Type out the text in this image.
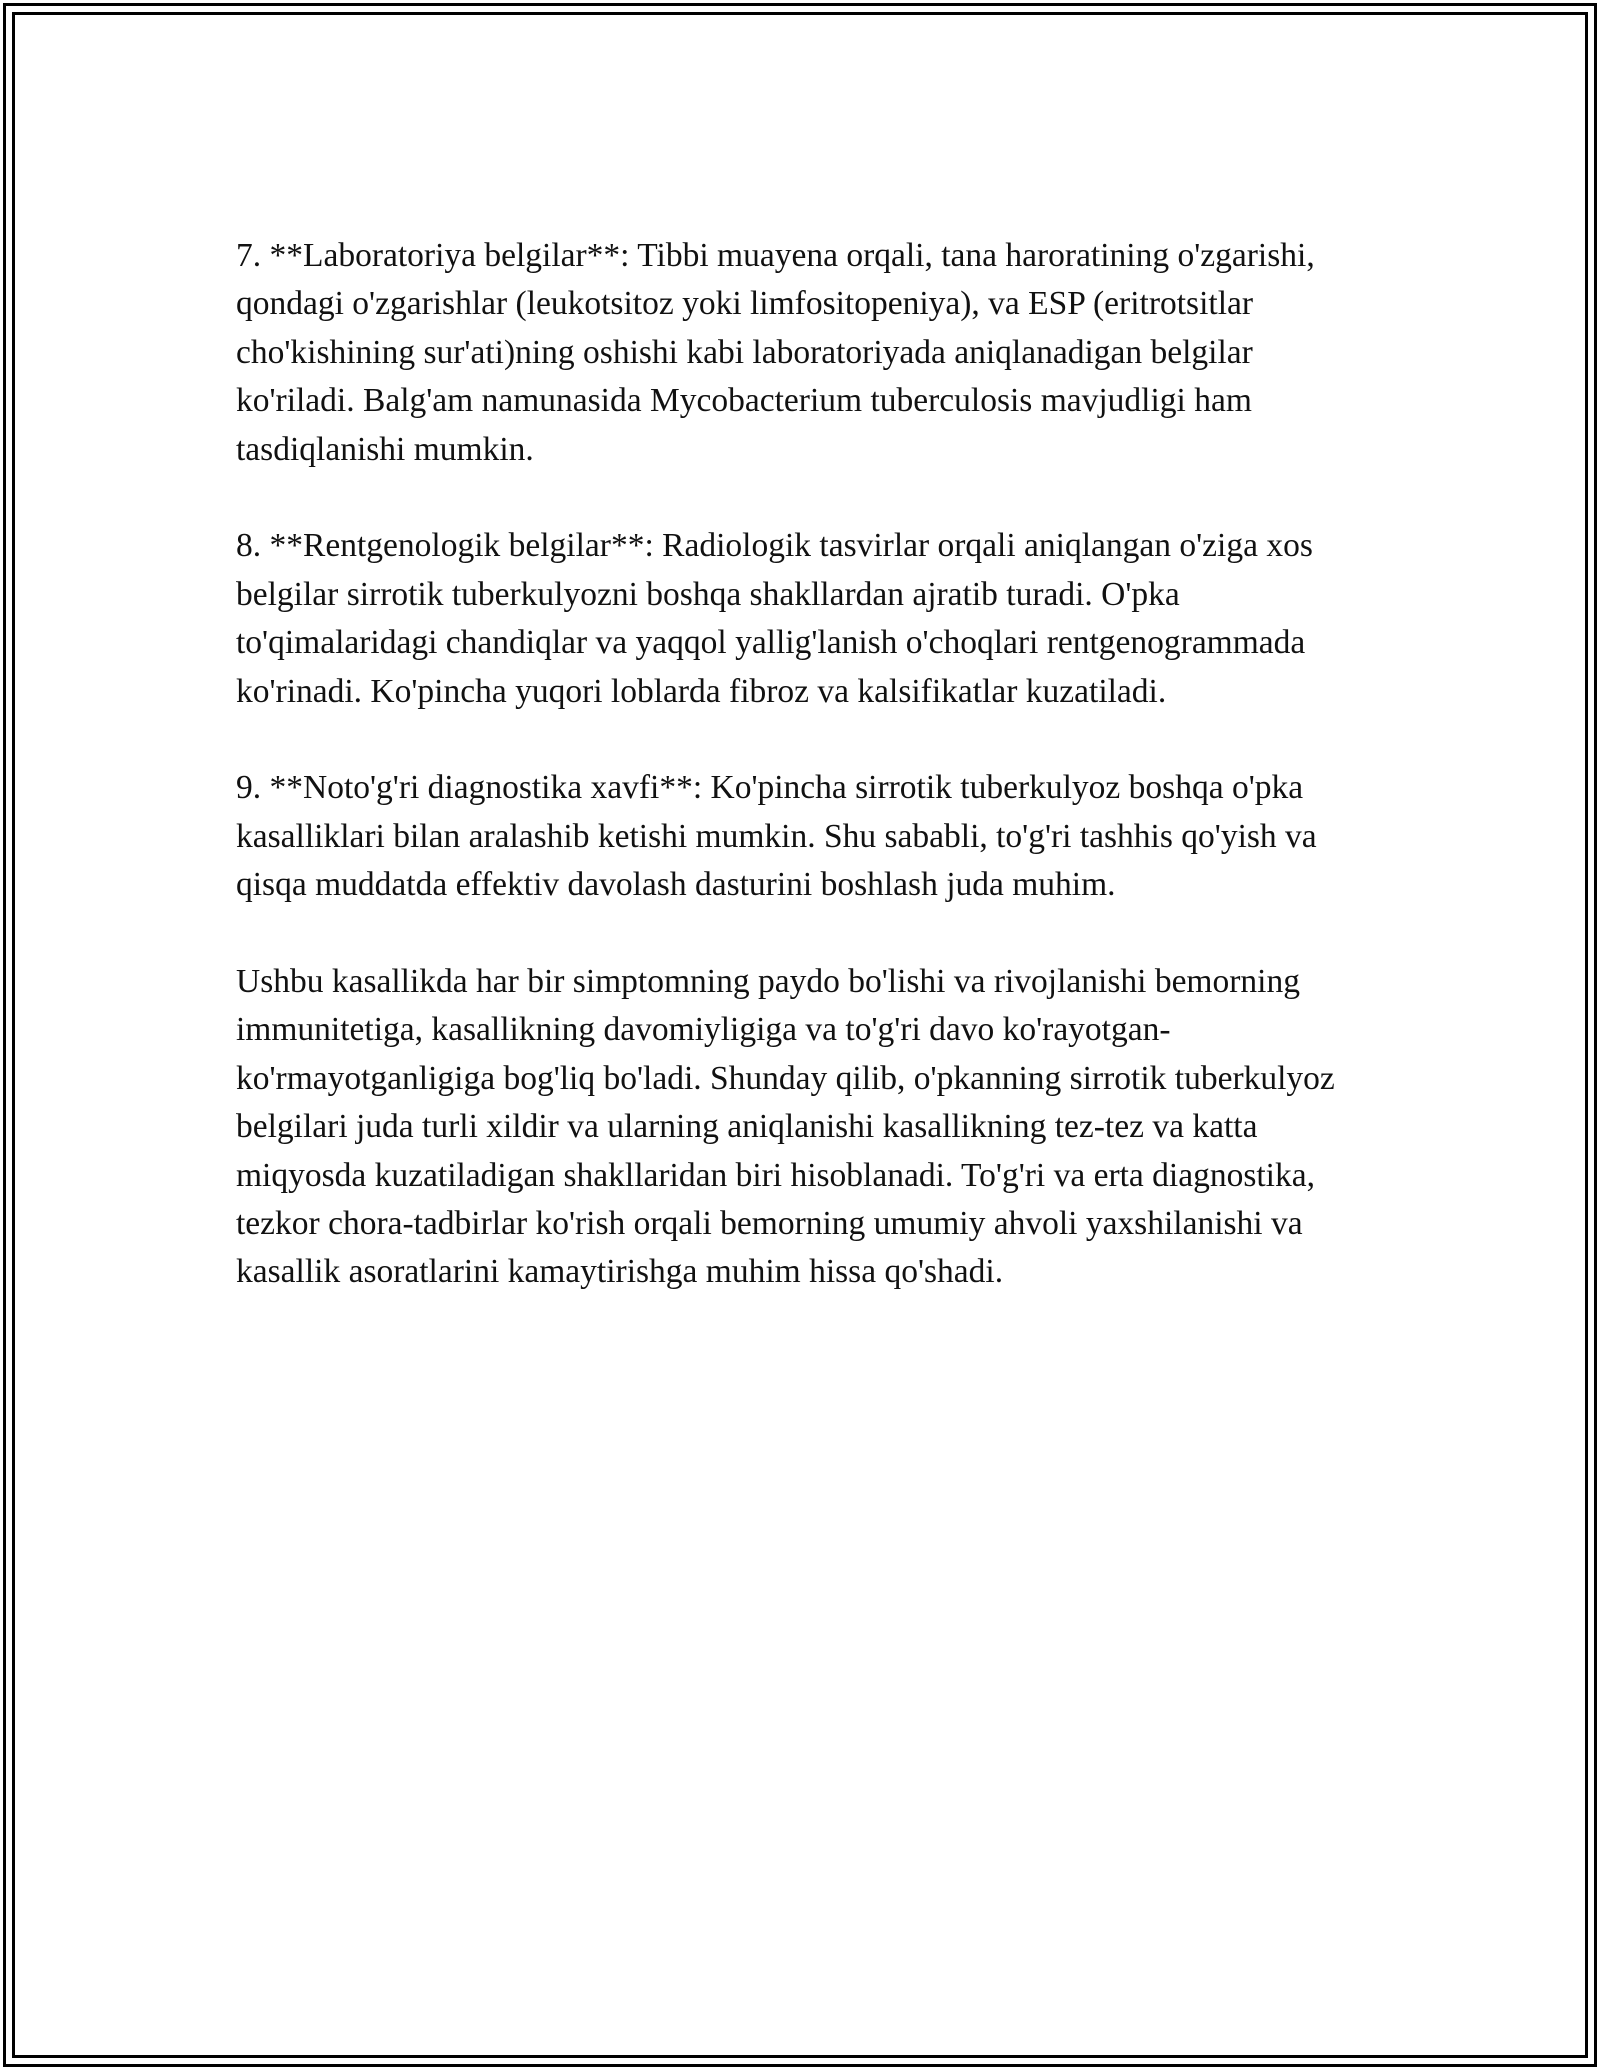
7. **Laboratoriya belgilar**: Tibbi muayena orqali, tana haroratining o'zgarishi, qondagi o'zgarishlar (leukotsitoz yoki limfositopeniya), va ESP (eritrotsitlar cho'kishining sur'ati)ning oshishi kabi laboratoriyada aniqlanadigan belgilar ko'riladi. Balg'am namunasida Mycobacterium tuberculosis mavjudligi ham tasdiqlanishi mumkin.

8. **Rentgenologik belgilar**: Radiologik tasvirlar orqali aniqlangan o'ziga xos belgilar sirrotik tuberkulyozni boshqa shakllardan ajratib turadi. O'pka to'qimalaridagi chandiqlar va yaqqol yallig'lanish o'choqlari rentgenogrammada ko'rinadi. Ko'pincha yuqori loblarda fibroz va kalsifikatlar kuzatiladi.

9. **Noto'g'ri diagnostika xavfi**: Ko'pincha sirrotik tuberkulyoz boshqa o'pka kasalliklari bilan aralashib ketishi mumkin. Shu sababli, to'g'ri tashhis qo'yish va qisqa muddatda effektiv davolash dasturini boshlash juda muhim.

Ushbu kasallikda har bir simptomning paydo bo'lishi va rivojlanishi bemorning immunitetiga, kasallikning davomiyligiga va to'g'ri davo ko'rayotgan-ko'rmayotganligiga bog'liq bo'ladi. Shunday qilib, o'pkanning sirrotik tuberkulyoz belgilari juda turli xildir va ularning aniqlanishi kasallikning tez-tez va katta miqyosda kuzatiladigan shakllaridan biri hisoblanadi. To'g'ri va erta diagnostika, tezkor chora-tadbirlar ko'rish orqali bemorning umumiy ahvoli yaxshilanishi va kasallik asoratlarini kamaytirishga muhim hissa qo'shadi.
